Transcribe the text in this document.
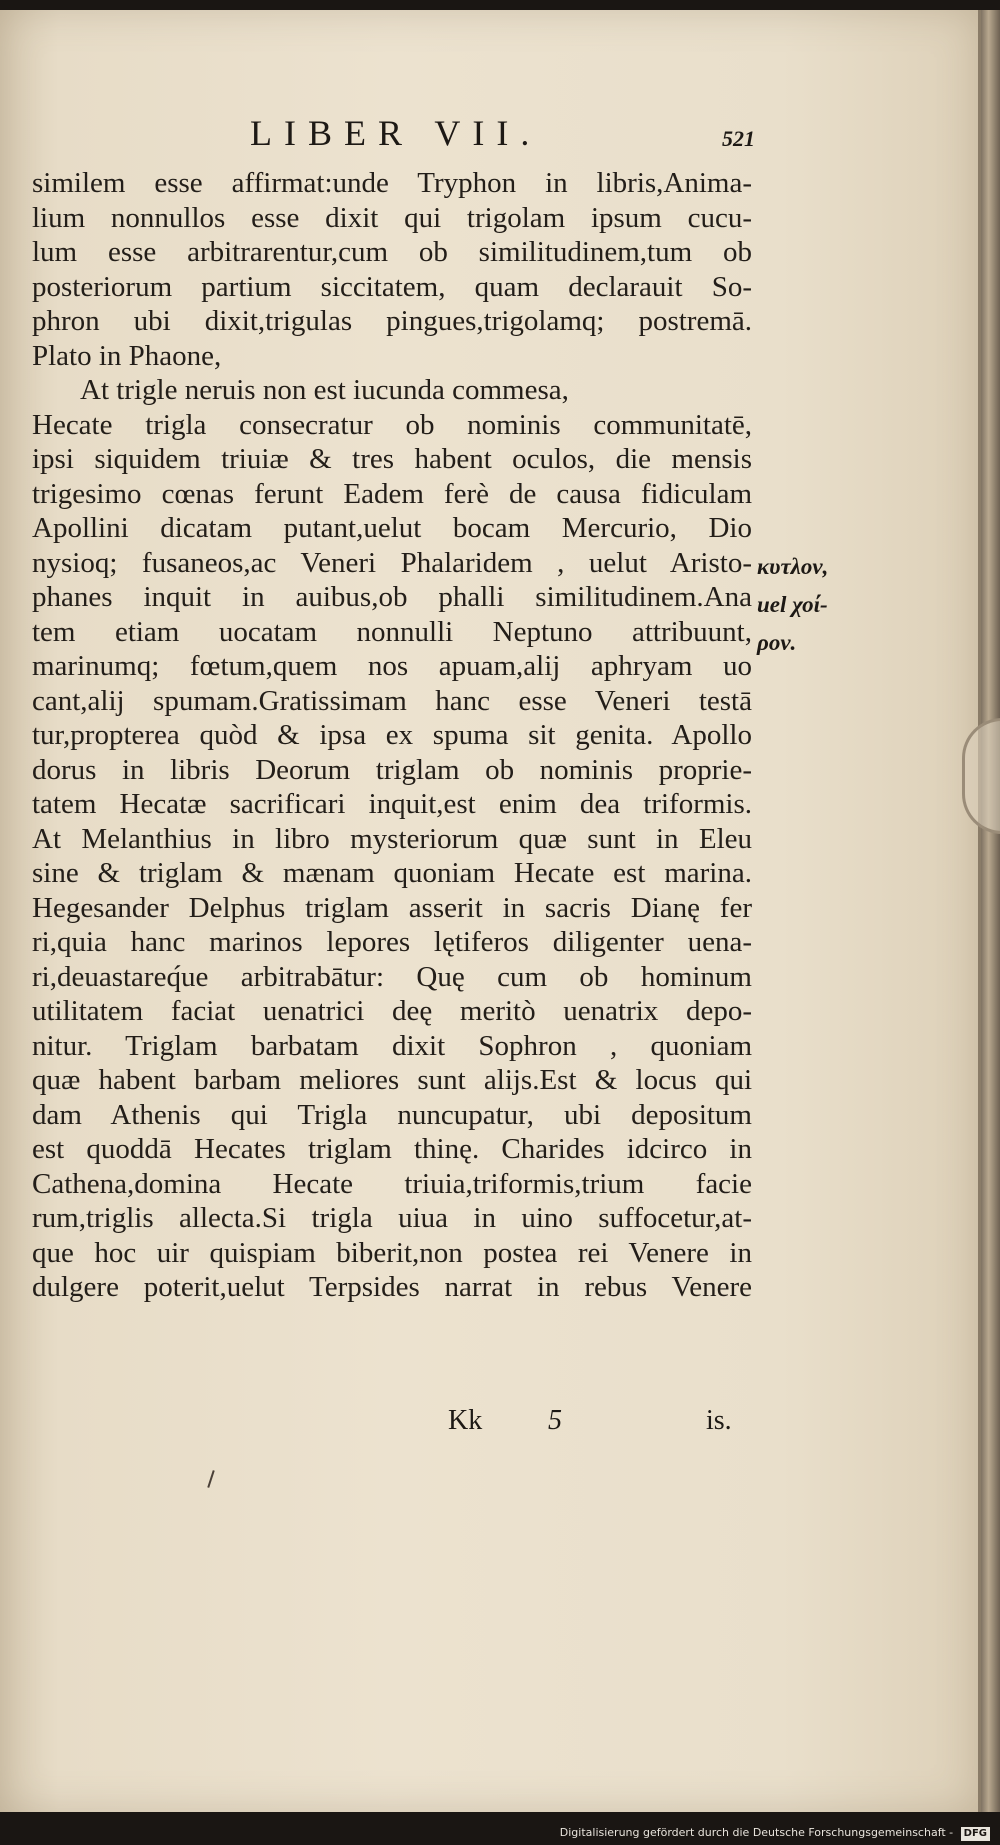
LIBER VII.	521
similem esse affirmat:unde Tryphon in libris,Anima-
lium nonnullos esse dixit qui trigolam ipsum cucu-
lum esse arbitrarentur,cum ob similitudinem,tum ob
posteriorum partium siccitatem, quam declarauit So-
phron ubi dixit,trigulas pingues,trigolamq; postremā.
Plato in Phaone,
At trigle neruis non est iucunda commesa,
Hecate trigla consecratur ob nominis communitatē,
ipsi siquidem triuiæ & tres habent oculos, die mensis
trigesimo cœnas ferunt Eadem ferè de causa fidiculam
Apollini dicatam putant,uelut bocam Mercurio, Dio
nysioq; fusaneos,ac Veneri Phalaridem , uelut Aristo-
phanes inquit in auibus,ob phalli similitudinem.Ana
tem etiam uocatam nonnulli Neptuno attribuunt,
marinumq; fœtum,quem nos apuam,alij aphryam uo
cant,alij spumam.Gratissimam hanc esse Veneri testā
tur,propterea quòd & ipsa ex spuma sit genita. Apollo
dorus in libris Deorum triglam ob nominis proprie-
tatem Hecatæ sacrificari inquit,est enim dea triformis.
At Melanthius in libro mysteriorum quæ sunt in Eleu
sine & triglam & mænam quoniam Hecate est marina.
Hegesander Delphus triglam asserit in sacris Dianę fer
ri,quia hanc marinos lepores lętiferos diligenter uena-
ri,deuastareq́ue arbitrabātur: Quę cum ob hominum
utilitatem faciat uenatrici deę meritò uenatrix depo-
nitur. Triglam barbatam dixit Sophron , quoniam
quæ habent barbam meliores sunt alijs.Est & locus qui
dam Athenis qui Trigla nuncupatur, ubi depositum
est quoddā Hecates triglam thinę. Charides idcirco in
Cathena,domina Hecate triuia,triformis,trium facie
rum,triglis allecta.Si trigla uiua in uino suffocetur,at-
que hoc uir quispiam biberit,non postea rei Venere in
dulgere poterit,uelut Terpsides narrat in rebus Venere
κυτλον,
uel χοί-
ρον.
Kk 5	is.
Digitalisierung gefördert durch die Deutsche Forschungsgemeinschaft - DFG
